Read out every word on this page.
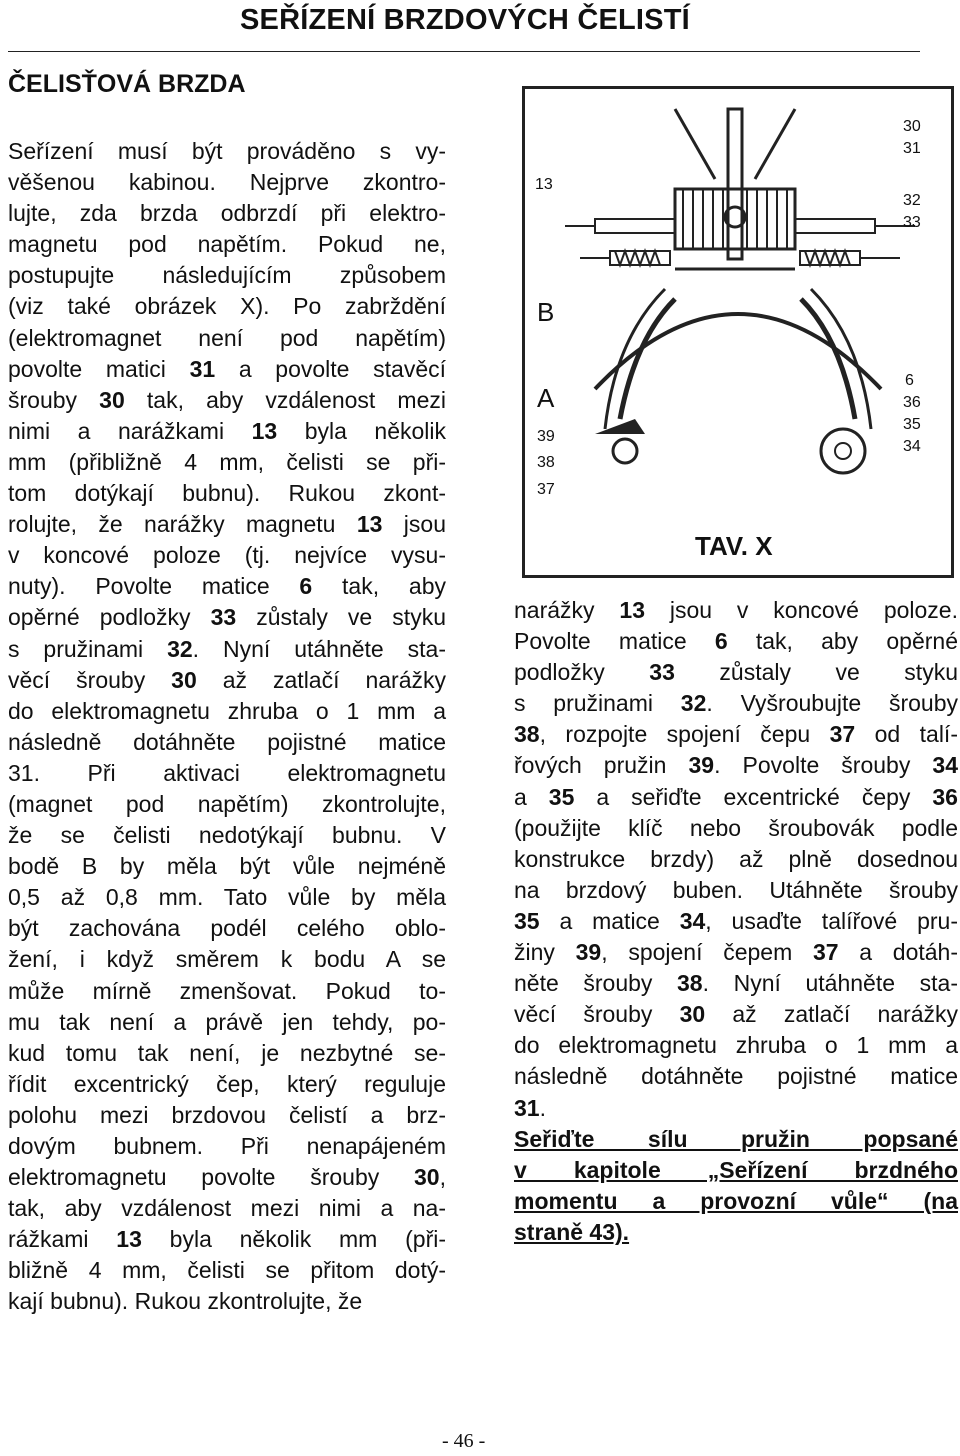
SEŘÍZENÍ BRZDOVÝCH ČELISTÍ
ČELISŤOVÁ BRZDA
Seřízení musí být prováděno s vy-
věšenou kabinou. Nejprve zkontro-
lujte, zda brzda odbrzdí při elektro-
magnetu pod napětím. Pokud ne,
postupujte následujícím způsobem
(viz také obrázek X). Po zabrždění
(elektromagnet není pod napětím)
povolte matici 31 a povolte stavěcí
šrouby 30 tak, aby vzdálenost mezi
nimi a narážkami 13 byla několik
mm (přibližně 4 mm, čelisti se při-
tom dotýkají bubnu). Rukou zkont-
rolujte, že narážky magnetu 13 jsou
v koncové poloze (tj. nejvíce vysu-
nuty). Povolte matice 6 tak, aby
opěrné podložky 33 zůstaly ve styku
s pružinami 32. Nyní utáhněte sta-
věcí šrouby 30 až zatlačí narážky
do elektromagnetu zhruba o 1 mm a
následně dotáhněte pojistné matice
31. Při aktivaci elektromagnetu
(magnet pod napětím) zkontrolujte,
že se čelisti nedotýkají bubnu. V
bodě B by měla být vůle nejméně
0,5 až 0,8 mm. Tato vůle by měla
být zachována podél celého oblo-
žení, i když směrem k bodu A se
může mírně zmenšovat. Pokud to-
mu tak není a právě jen tehdy, po-
kud tomu tak není, je nezbytné se-
řídit excentrický čep, který reguluje
polohu mezi brzdovou čelistí a brz-
dovým bubnem. Při nenapájeném
elektromagnetu povolte šrouby 30,
tak, aby vzdálenost mezi nimi a na-
rážkami 13 byla několik mm (při-
bližně 4 mm, čelisti se přitom dotý-
kají bubnu). Rukou zkontrolujte, že
13
B
A
39
38
37
30
31
32
33
6
36
35
34
TAV. X
narážky 13 jsou v koncové poloze.
Povolte matice 6 tak, aby opěrné
podložky 33 zůstaly ve styku
s pružinami 32. Vyšroubujte šrouby
38, rozpojte spojení čepu 37 od talí-
řových pružin 39. Povolte šrouby 34
a 35 a seřiďte excentrické čepy 36
(použijte klíč nebo šroubovák podle
konstrukce brzdy) až plně dosednou
na brzdový buben. Utáhněte šrouby
35 a matice 34, usaďte talířové pru-
žiny 39, spojení čepem 37 a dotáh-
něte šrouby 38. Nyní utáhněte sta-
věcí šrouby 30 až zatlačí narážky
do elektromagnetu zhruba o 1 mm a
následně dotáhněte pojistné matice
31.
Seřiďte sílu pružin popsané
v kapitole „Seřízení brzdného
momentu a provozní vůle“ (na
straně 43).
- 46 -
